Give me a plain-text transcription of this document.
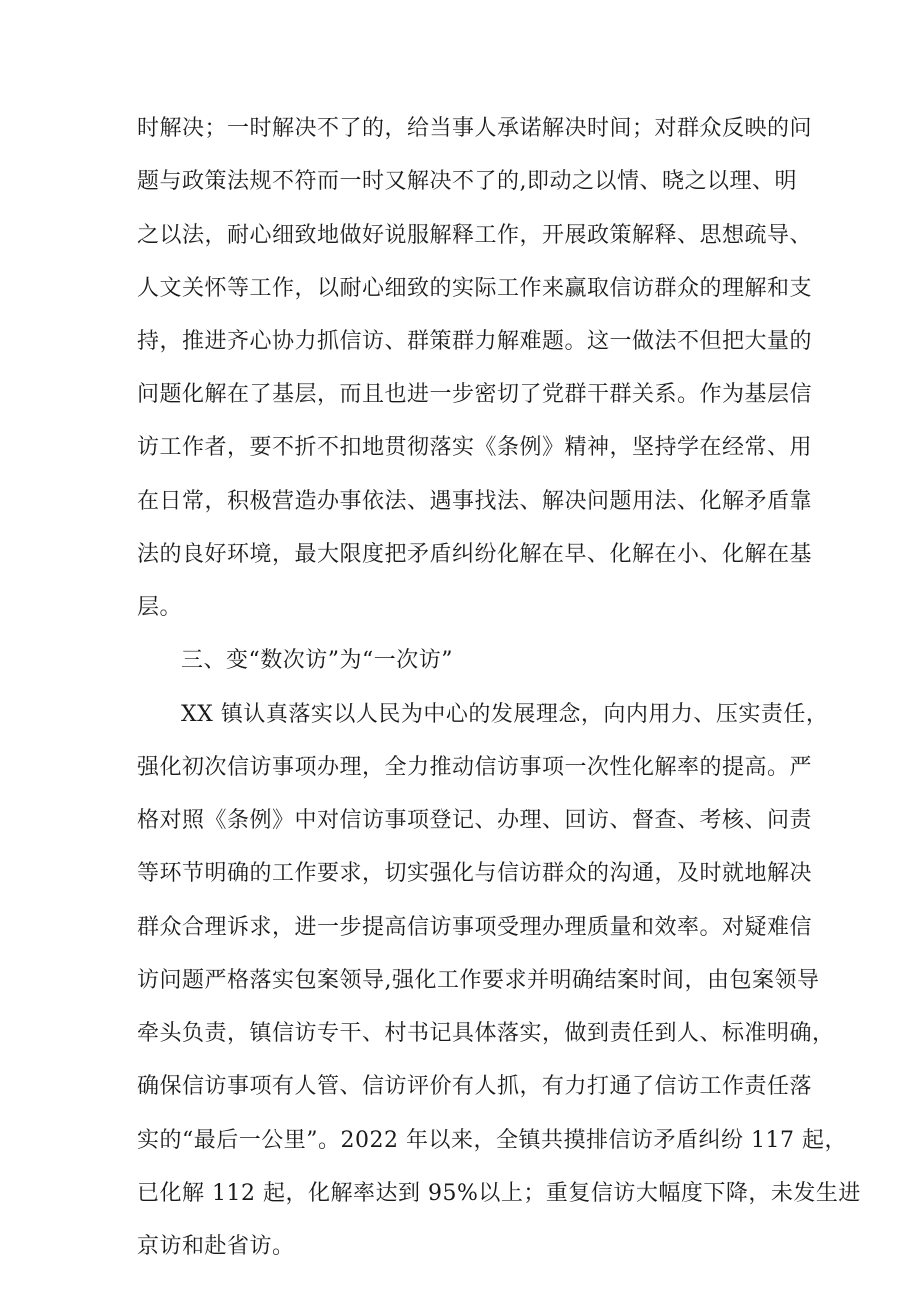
时解决；一时解决不了的，给当事人承诺解决时间；对群众反映的问
题与政策法规不符而一时又解决不了的,即动之以情、晓之以理、明
之以法，耐心细致地做好说服解释工作，开展政策解释、思想疏导、
人文关怀等工作，以耐心细致的实际工作来赢取信访群众的理解和支
持，推进齐心协力抓信访、群策群力解难题。这一做法不但把大量的
问题化解在了基层，而且也进一步密切了党群干群关系。作为基层信
访工作者，要不折不扣地贯彻落实《条例》精神，坚持学在经常、用
在日常，积极营造办事依法、遇事找法、解决问题用法、化解矛盾靠
法的良好环境，最大限度把矛盾纠纷化解在早、化解在小、化解在基
层。
三、变“数次访”为“一次访”
XX 镇认真落实以人民为中心的发展理念，向内用力、压实责任，
强化初次信访事项办理，全力推动信访事项一次性化解率的提高。严
格对照《条例》中对信访事项登记、办理、回访、督查、考核、问责
等环节明确的工作要求，切实强化与信访群众的沟通，及时就地解决
群众合理诉求，进一步提高信访事项受理办理质量和效率。对疑难信
访问题严格落实包案领导,强化工作要求并明确结案时间，由包案领导
牵头负责，镇信访专干、村书记具体落实，做到责任到人、标准明确，
确保信访事项有人管、信访评价有人抓，有力打通了信访工作责任落
实的“最后一公里”。2022 年以来，全镇共摸排信访矛盾纠纷 117 起，
已化解 112 起，化解率达到 95%以上；重复信访大幅度下降，未发生进
京访和赴省访。
